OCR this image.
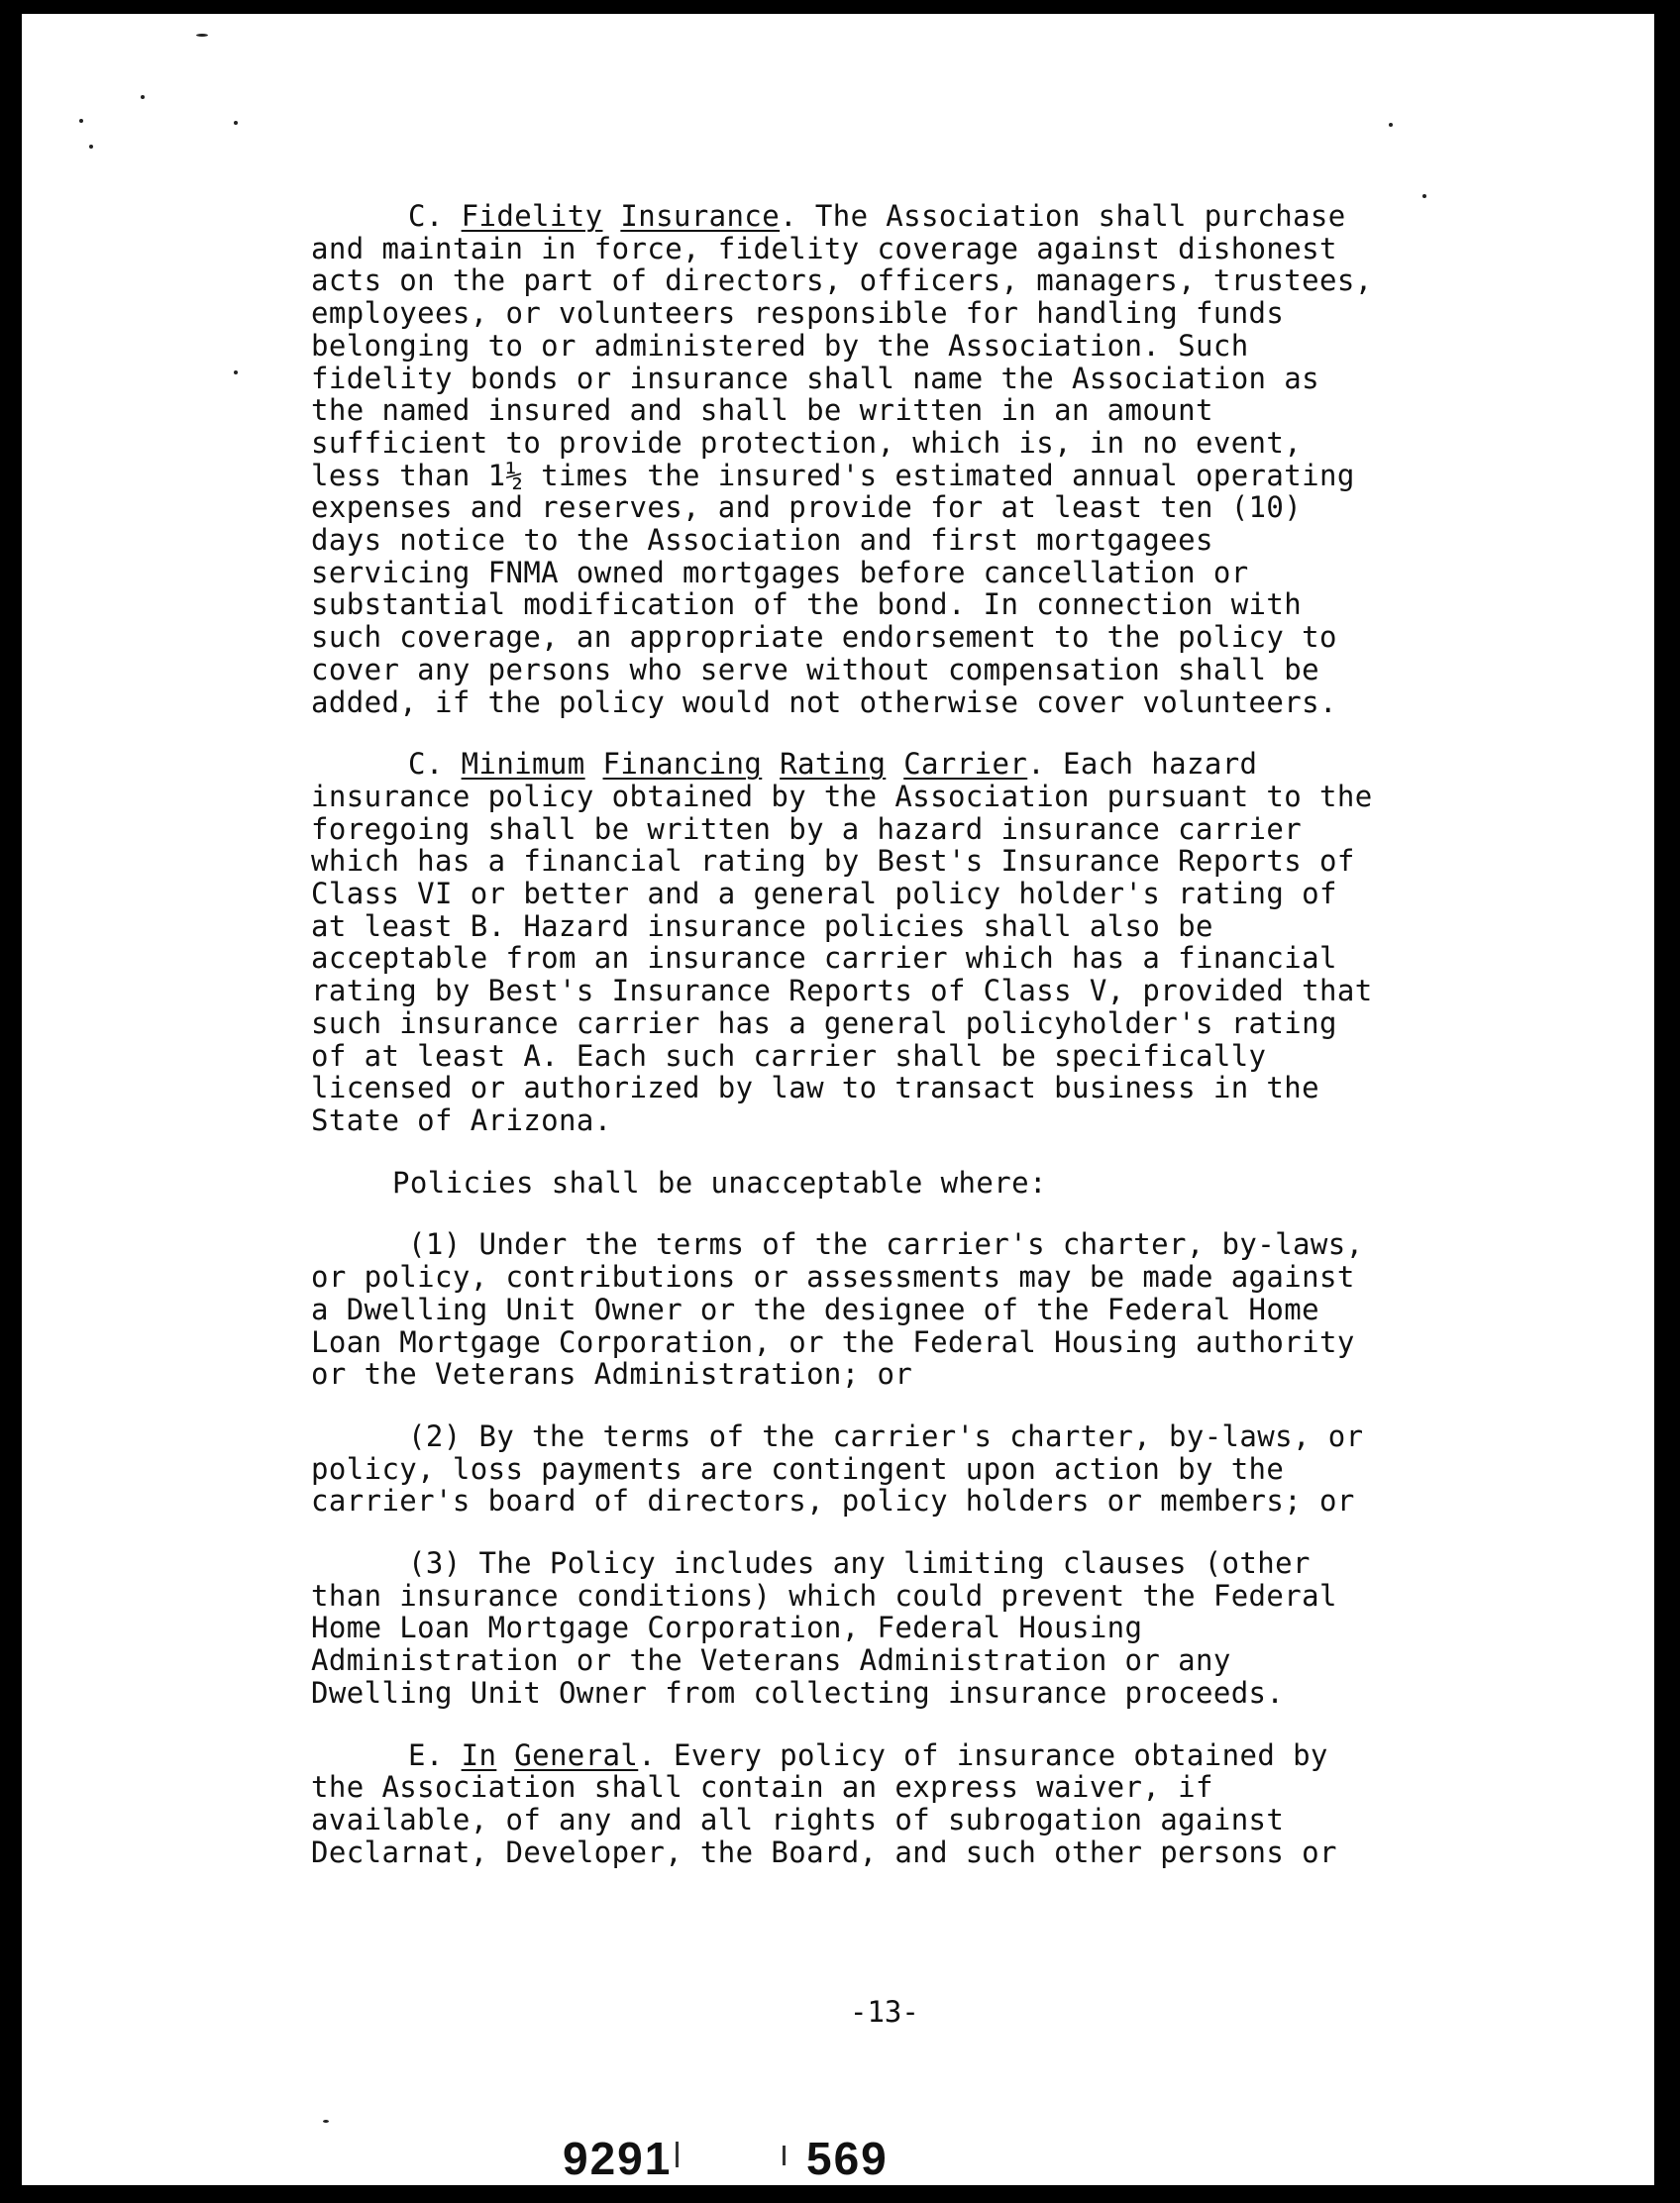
C. Fidelity Insurance. The Association shall purchase
and maintain in force, fidelity coverage against dishonest
acts on the part of directors, officers, managers, trustees,
employees, or volunteers responsible for handling funds
belonging to or administered by the Association. Such
fidelity bonds or insurance shall name the Association as
the named insured and shall be written in an amount
sufficient to provide protection, which is, in no event,
less than 1½ times the insured's estimated annual operating
expenses and reserves, and provide for at least ten (10)
days notice to the Association and first mortgagees
servicing FNMA owned mortgages before cancellation or
substantial modification of the bond. In connection with
such coverage, an appropriate endorsement to the policy to
cover any persons who serve without compensation shall be
added, if the policy would not otherwise cover volunteers.
C. Minimum Financing Rating Carrier. Each hazard
insurance policy obtained by the Association pursuant to the
foregoing shall be written by a hazard insurance carrier
which has a financial rating by Best's Insurance Reports of
Class VI or better and a general policy holder's rating of
at least B. Hazard insurance policies shall also be
acceptable from an insurance carrier which has a financial
rating by Best's Insurance Reports of Class V, provided that
such insurance carrier has a general policyholder's rating
of at least A. Each such carrier shall be specifically
licensed or authorized by law to transact business in the
State of Arizona.
Policies shall be unacceptable where:
(1) Under the terms of the carrier's charter, by-laws,
or policy, contributions or assessments may be made against
a Dwelling Unit Owner or the designee of the Federal Home
Loan Mortgage Corporation, or the Federal Housing authority
or the Veterans Administration; or
(2) By the terms of the carrier's charter, by-laws, or
policy, loss payments are contingent upon action by the
carrier's board of directors, policy holders or members; or
(3) The Policy includes any limiting clauses (other
than insurance conditions) which could prevent the Federal
Home Loan Mortgage Corporation, Federal Housing
Administration or the Veterans Administration or any
Dwelling Unit Owner from collecting insurance proceeds.
E. In General. Every policy of insurance obtained by
the Association shall contain an express waiver, if
available, of any and all rights of subrogation against
Declarnat, Developer, the Board, and such other persons or
-13-
9291	569
